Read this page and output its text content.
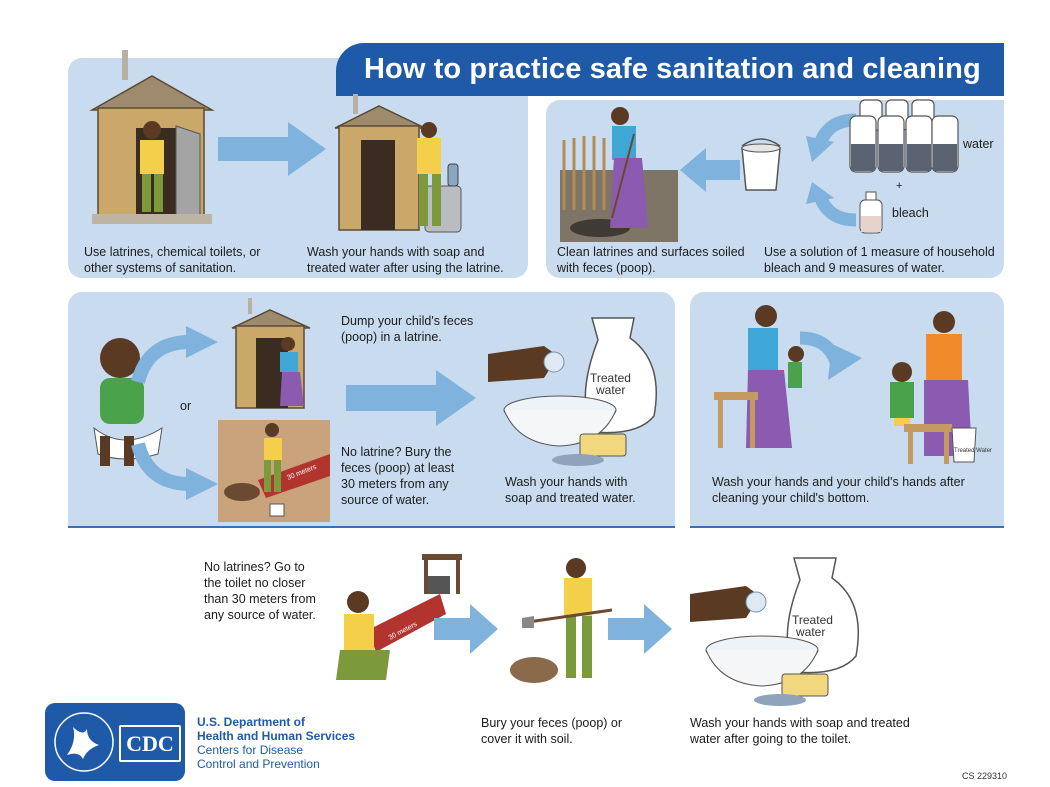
How to practice safe sanitation and cleaning
Use latrines, chemical toilets, or other systems of sanitation.
Wash your hands with soap and treated water after using the latrine.
water
+
bleach
Clean latrines and surfaces soiled with feces (poop).
Use a solution of 1 measure of household bleach and 9 measures of water.
or
30 meters
Dump your child's feces (poop) in a latrine.
No latrine? Bury the feces (poop) at least 30 meters from any source of water.
Treated
water
Wash your hands with soap and treated water.
Treated Water
Wash your hands and your child's hands after cleaning your child's bottom.
No latrines? Go to the toilet no closer than 30 meters from any source of water.
30 meters
Treated
water
Bury your feces (poop) or cover it with soil.
Wash your hands with soap and treated water after going to the toilet.
CDC
U.S. Department of
Health and Human Services
Centers for Disease
Control and Prevention
CS 229310
